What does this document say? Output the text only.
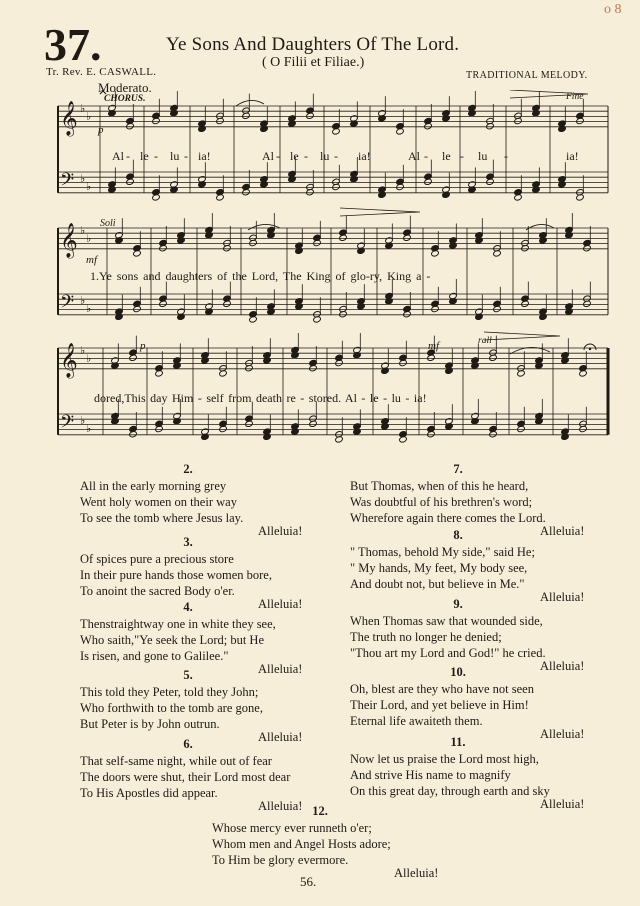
o 8
37.	Ye Sons And Daughters Of The Lord.
( O Filii et Filiae.)
Tr. Rev. E. CASWALL.	TRADITIONAL MELODY.
Moderato.
𝄞 ♭
♭
𝄢 ♭
♭
𝄞 ♭
♭
𝄢 ♭
♭
𝄞 ♭
♭
𝄢 ♭
♭
CHORUS.	Fine
Soli
rall
p
mf
p	mf
Al - le - lu - ia!	Al - le - lu - ia!	Al - le - lu -	ia!
1.Ye sons and daughters of the Lord, The King of glo-ry, King a -
dored,This day Him - self from death re - stored. Al - le - lu - ia!
2.
All in the early morning grey
Went holy women on their way
To see the tomb where Jesus lay.
Alleluia!
3.
Of spices pure a precious store
In their pure hands those women bore,
To anoint the sacred Body o'er.
Alleluia!
4.
Thenstraightway one in white they see,
Who saith,"Ye seek the Lord; but He
Is risen, and gone to Galilee."
Alleluia!
5.
This told they Peter, told they John;
Who forthwith to the tomb are gone,
But Peter is by John outrun.
Alleluia!
6.
That self-same night, while out of fear
The doors were shut, their Lord most dear
To His Apostles did appear.
Alleluia!
7.
But Thomas, when of this he heard,
Was doubtful of his brethren's word;
Wherefore again there comes the Lord.
Alleluia!
8.
" Thomas, behold My side," said He;
" My hands, My feet, My body see,
And doubt not, but believe in Me."
Alleluia!
9.
When Thomas saw that wounded side,
The truth no longer he denied;
"Thou art my Lord and God!" he cried.
Alleluia!
10.
Oh, blest are they who have not seen
Their Lord, and yet believe in Him!
Eternal life awaiteth them.
Alleluia!
11.
Now let us praise the Lord most high,
And strive His name to magnify
On this great day, through earth and sky
Alleluia!
12.
Whose mercy ever runneth o'er;
Whom men and Angel Hosts adore;
To Him be glory evermore.
Alleluia!
56.
